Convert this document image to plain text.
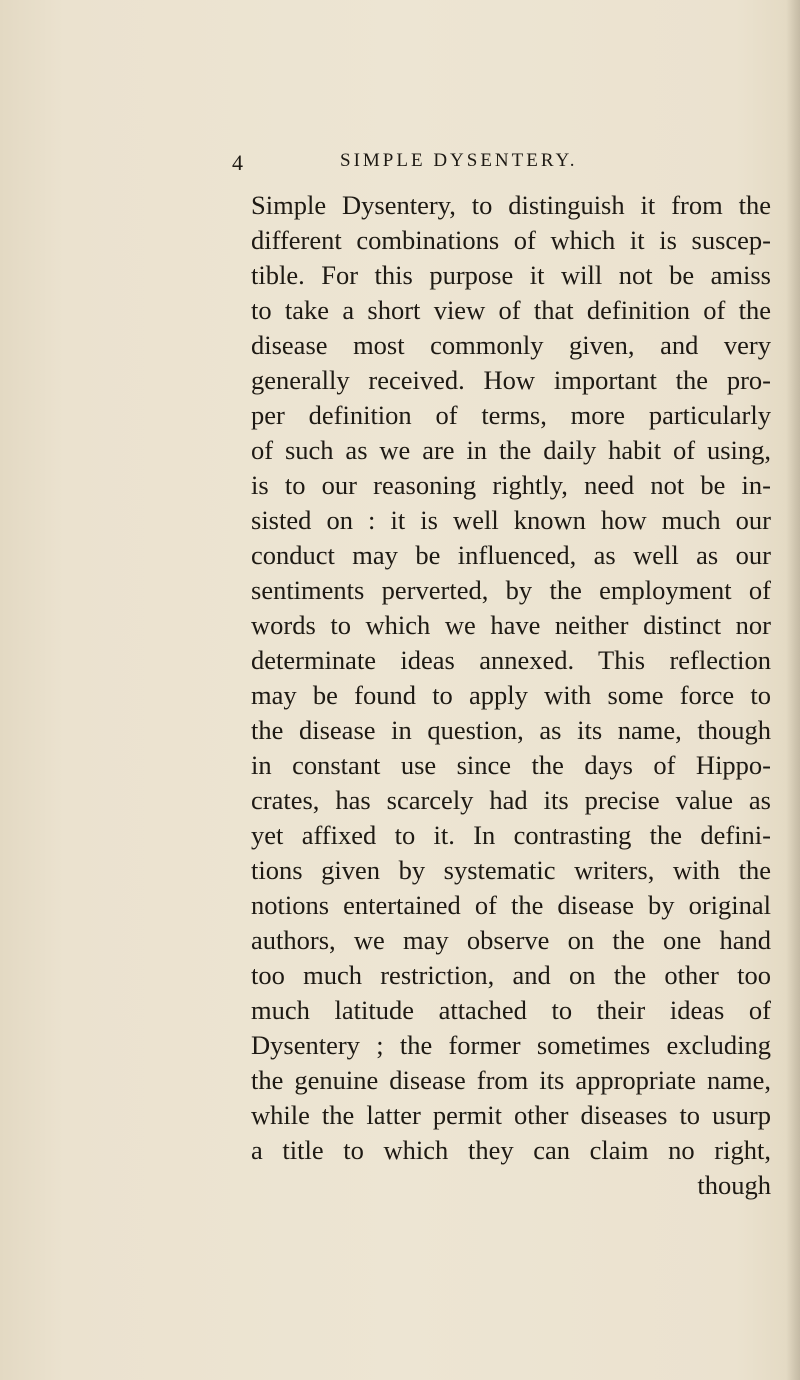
4	SIMPLE DYSENTERY.
Simple Dysentery, to distinguish it from the
different combinations of which it is suscep-
tible. For this purpose it will not be amiss
to take a short view of that definition of the
disease most commonly given, and very
generally received. How important the pro-
per definition of terms, more particularly
of such as we are in the daily habit of using,
is to our reasoning rightly, need not be in-
sisted on : it is well known how much our
conduct may be influenced, as well as our
sentiments perverted, by the employment of
words to which we have neither distinct nor
determinate ideas annexed. This reflection
may be found to apply with some force to
the disease in question, as its name, though
in constant use since the days of Hippo-
crates, has scarcely had its precise value as
yet affixed to it. In contrasting the defini-
tions given by systematic writers, with the
notions entertained of the disease by original
authors, we may observe on the one hand
too much restriction, and on the other too
much latitude attached to their ideas of
Dysentery ; the former sometimes excluding
the genuine disease from its appropriate name,
while the latter permit other diseases to usurp
a title to which they can claim no right,
though
